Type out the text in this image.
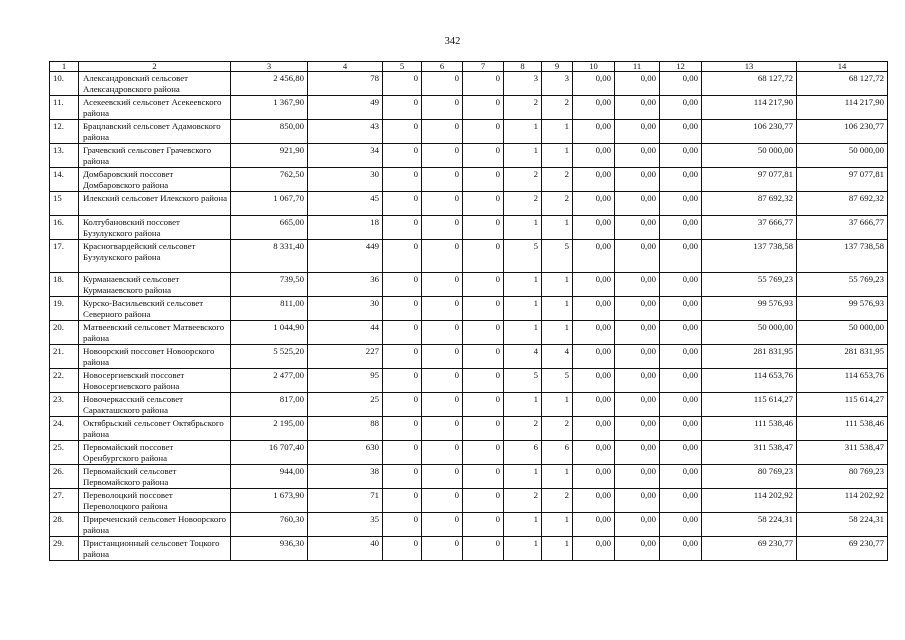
342
1	2	3	4	5	6	7	8	9	10	11	12	13	14
10.	Александровский сельсовет Александровского района	2 456,80	78	0	0	0	3	3	0,00	0,00	0,00	68 127,72	68 127,72
11.	Асекеевский сельсовет Асекеевского района	1 367,90	49	0	0	0	2	2	0,00	0,00	0,00	114 217,90	114 217,90
12.	Брацлавский сельсовет Адамовского района	850,00	43	0	0	0	1	1	0,00	0,00	0,00	106 230,77	106 230,77
13.	Грачевский сельсовет Грачевского района	921,90	34	0	0	0	1	1	0,00	0,00	0,00	50 000,00	50 000,00
14.	Домбаровский поссовет Домбаровского района	762,50	30	0	0	0	2	2	0,00	0,00	0,00	97 077,81	97 077,81
15	Илекский сельсовет Илекского района	1 067,70	45	0	0	0	2	2	0,00	0,00	0,00	87 692,32	87 692,32
16.	Колтубановский поссовет Бузулукского района	665,00	18	0	0	0	1	1	0,00	0,00	0,00	37 666,77	37 666,77
17.	Красногвардейский сельсовет Бузулукского района	8 331,40	449	0	0	0	5	5	0,00	0,00	0,00	137 738,58	137 738,58
18.	Курманаевский сельсовет Курманаевского района	739,50	36	0	0	0	1	1	0,00	0,00	0,00	55 769,23	55 769,23
19.	Курско-Васильевский сельсовет Северного района	811,00	30	0	0	0	1	1	0,00	0,00	0,00	99 576,93	99 576,93
20.	Матвеевский сельсовет Матвеевского района	1 044,90	44	0	0	0	1	1	0,00	0,00	0,00	50 000,00	50 000,00
21.	Новоорский поссовет Новоорского района	5 525,20	227	0	0	0	4	4	0,00	0,00	0,00	281 831,95	281 831,95
22.	Новосергиевский поссовет Новосергиевского района	2 477,00	95	0	0	0	5	5	0,00	0,00	0,00	114 653,76	114 653,76
23.	Новочеркасский сельсовет Саракташского района	817,00	25	0	0	0	1	1	0,00	0,00	0,00	115 614,27	115 614,27
24.	Октябрьский сельсовет Октябрьского района	2 195,00	88	0	0	0	2	2	0,00	0,00	0,00	111 538,46	111 538,46
25.	Первомайский поссовет Оренбургского района	16 707,40	630	0	0	0	6	6	0,00	0,00	0,00	311 538,47	311 538,47
26.	Первомайский сельсовет Первомайского района	944,00	38	0	0	0	1	1	0,00	0,00	0,00	80 769,23	80 769,23
27.	Переволоцкий поссовет Переволоцкого района	1 673,90	71	0	0	0	2	2	0,00	0,00	0,00	114 202,92	114 202,92
28.	Приреченский сельсовет Новоорского района	760,30	35	0	0	0	1	1	0,00	0,00	0,00	58 224,31	58 224,31
29.	Пристанционный сельсовет Тоцкого района	936,30	40	0	0	0	1	1	0,00	0,00	0,00	69 230,77	69 230,77
